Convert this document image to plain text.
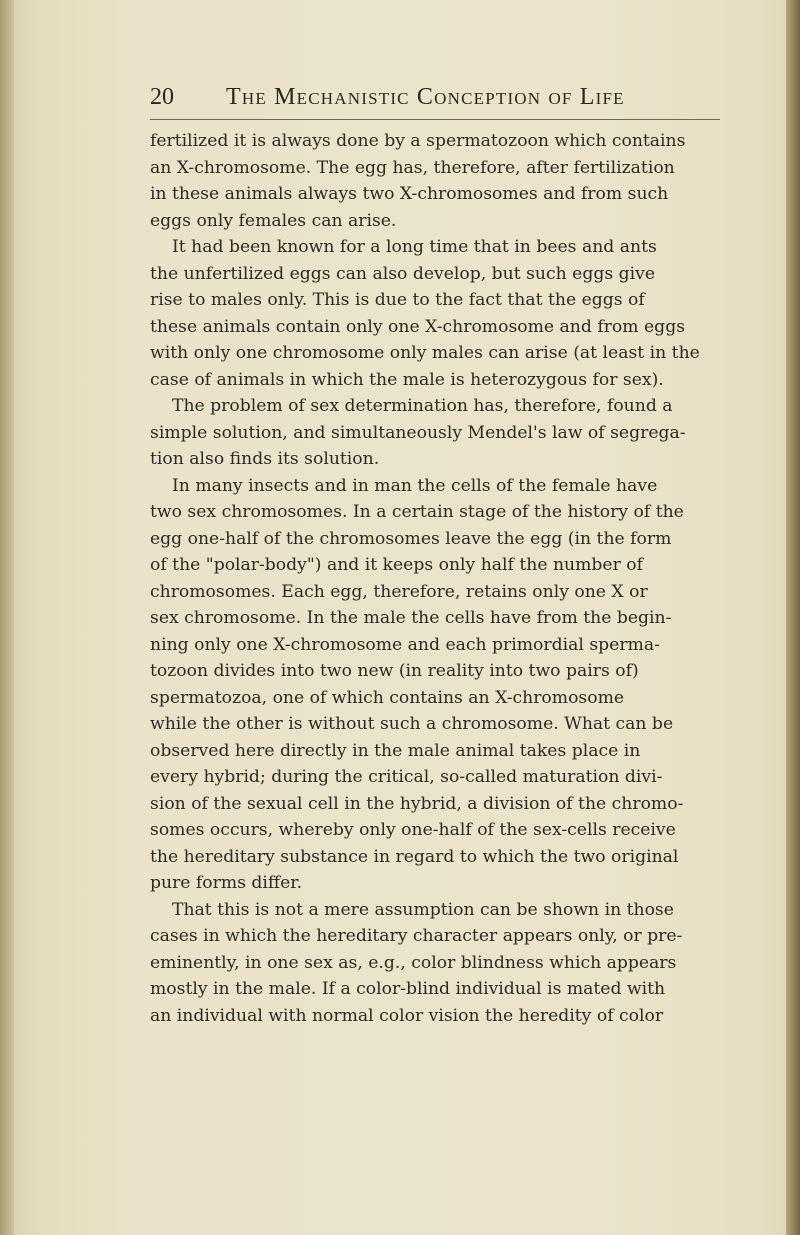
20 The Mechanistic Conception of Life
fertilized it is always done by a spermatozoon which contains
an X-chromosome. The egg has, therefore, after fertilization
in these animals always two X-chromosomes and from such
eggs only females can arise.
It had been known for a long time that in bees and ants
the unfertilized eggs can also develop, but such eggs give
rise to males only. This is due to the fact that the eggs of
these animals contain only one X-chromosome and from eggs
with only one chromosome only males can arise (at least in the
case of animals in which the male is heterozygous for sex).
The problem of sex determination has, therefore, found a
simple solution, and simultaneously Mendel's law of segrega-
tion also finds its solution.
In many insects and in man the cells of the female have
two sex chromosomes. In a certain stage of the history of the
egg one-half of the chromosomes leave the egg (in the form
of the "polar-body") and it keeps only half the number of
chromosomes. Each egg, therefore, retains only one X or
sex chromosome. In the male the cells have from the begin-
ning only one X-chromosome and each primordial sperma-
tozoon divides into two new (in reality into two pairs of)
spermatozoa, one of which contains an X-chromosome
while the other is without such a chromosome. What can be
observed here directly in the male animal takes place in
every hybrid; during the critical, so-called maturation divi-
sion of the sexual cell in the hybrid, a division of the chromo-
somes occurs, whereby only one-half of the sex-cells receive
the hereditary substance in regard to which the two original
pure forms differ.
That this is not a mere assumption can be shown in those
cases in which the hereditary character appears only, or pre-
eminently, in one sex as, e.g., color blindness which appears
mostly in the male. If a color-blind individual is mated with
an individual with normal color vision the heredity of color
